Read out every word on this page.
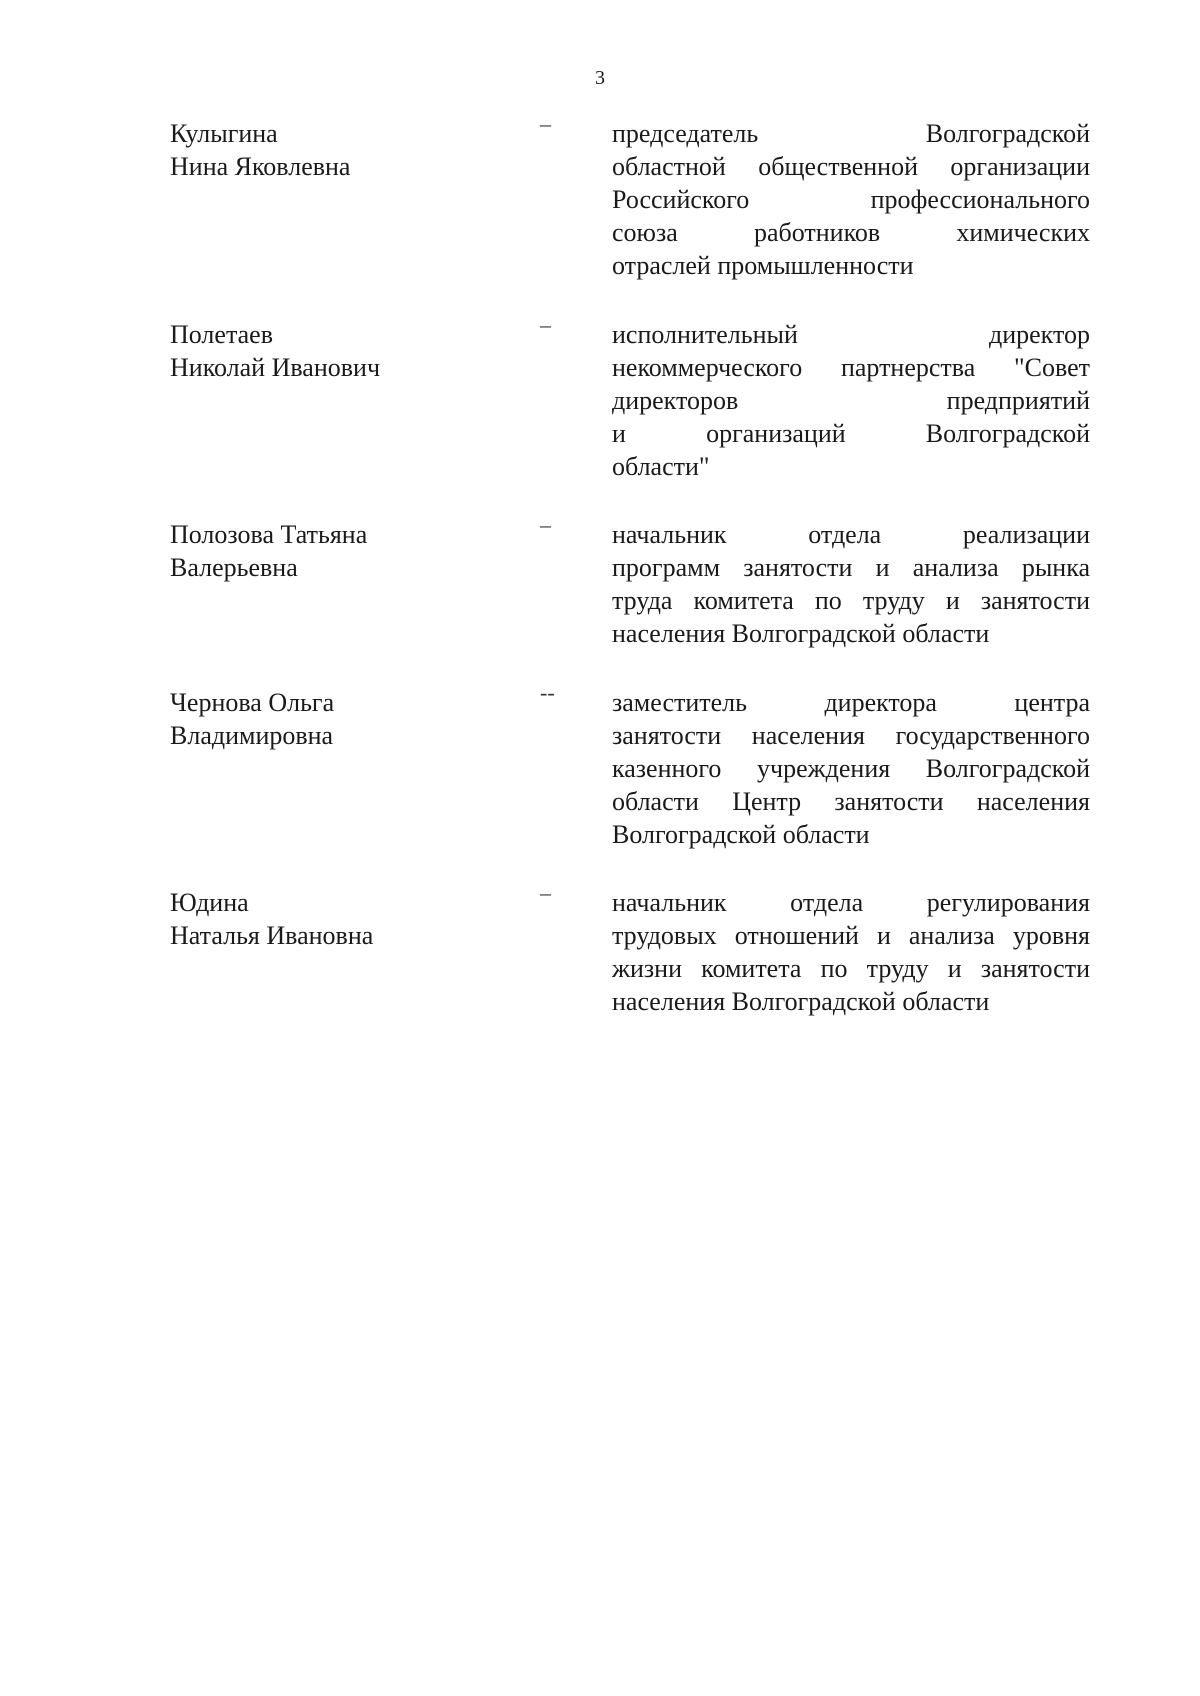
3
Кулыгина
Нина Яковлевна
– председатель Волгоградской
областной общественной организации
Российского профессионального
союза работников химических
отраслей промышленности
Полетаев
Николай Иванович
– исполнительный директор
некоммерческого партнерства "Совет
директоров предприятий
и организаций Волгоградской
области"
Полозова Татьяна
Валерьевна
– начальник отдела реализации
программ занятости и анализа рынка
труда комитета по труду и занятости
населения Волгоградской области
Чернова Ольга
Владимировна
-- заместитель директора центра
занятости населения государственного
казенного учреждения Волгоградской
области Центр занятости населения
Волгоградской области
Юдина
Наталья Ивановна
– начальник отдела регулирования
трудовых отношений и анализа уровня
жизни комитета по труду и занятости
населения Волгоградской области
